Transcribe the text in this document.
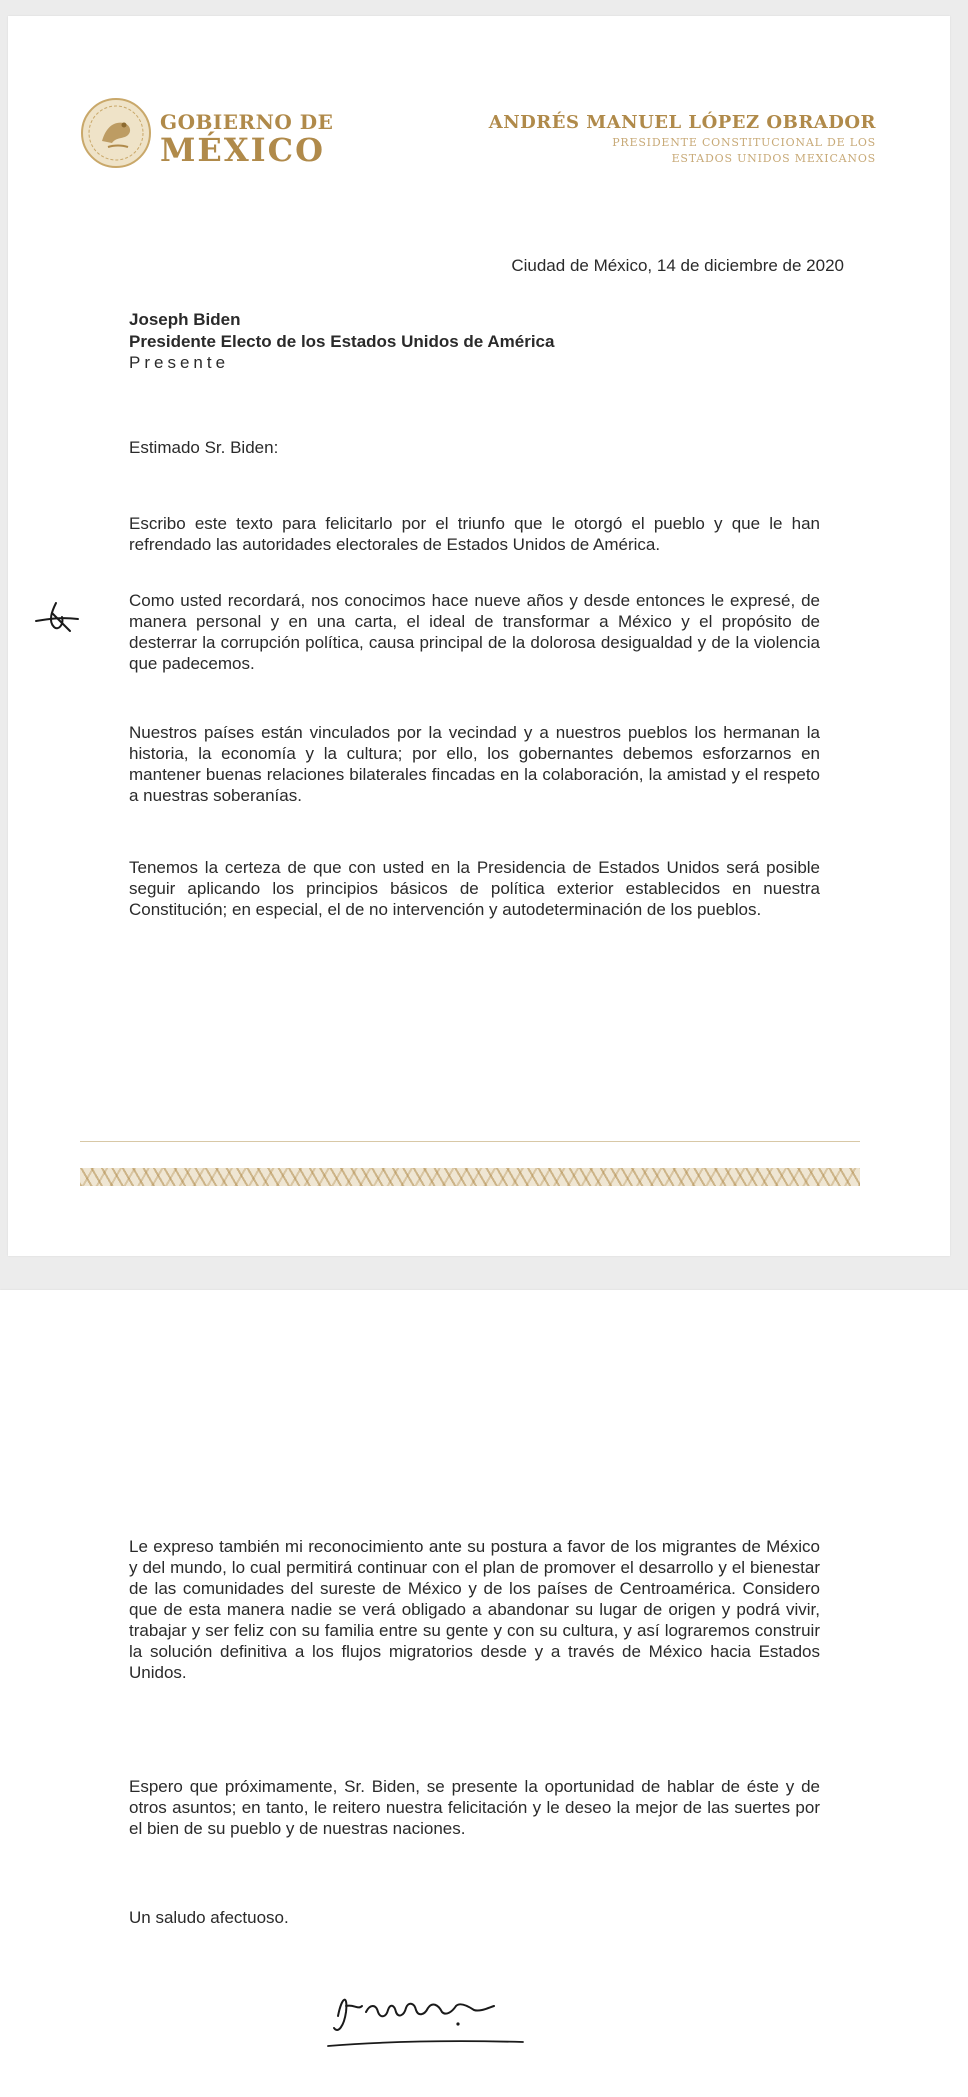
GOBIERNO DE
MÉXICO
ANDRÉS MANUEL LÓPEZ OBRADOR
PRESIDENTE CONSTITUCIONAL DE LOS
ESTADOS UNIDOS MEXICANOS
Ciudad de México, 14 de diciembre de 2020
Joseph Biden
Presidente Electo de los Estados Unidos de América
Presente
Estimado Sr. Biden:
Escribo este texto para felicitarlo por el triunfo que le otorgó el pueblo y que le han refrendado las autoridades electorales de Estados Unidos de América.
Como usted recordará, nos conocimos hace nueve años y desde entonces le expresé, de manera personal y en una carta, el ideal de transformar a México y el propósito de desterrar la corrupción política, causa principal de la dolorosa desigualdad y de la violencia que padecemos.
Nuestros países están vinculados por la vecindad y a nuestros pueblos los hermanan la historia, la economía y la cultura; por ello, los gobernantes debemos esforzarnos en mantener buenas relaciones bilaterales fincadas en la colaboración, la amistad y el respeto a nuestras soberanías.
Tenemos la certeza de que con usted en la Presidencia de Estados Unidos será posible seguir aplicando los principios básicos de política exterior establecidos en nuestra Constitución; en especial, el de no intervención y autodeterminación de los pueblos.
Le expreso también mi reconocimiento ante su postura a favor de los migrantes de México y del mundo, lo cual permitirá continuar con el plan de promover el desarrollo y el bienestar de las comunidades del sureste de México y de los países de Centroamérica. Considero que de esta manera nadie se verá obligado a abandonar su lugar de origen y podrá vivir, trabajar y ser feliz con su familia entre su gente y con su cultura, y así lograremos construir la solución definitiva a los flujos migratorios desde y a través de México hacia Estados Unidos.
Espero que próximamente, Sr. Biden, se presente la oportunidad de hablar de éste y de otros asuntos; en tanto, le reitero nuestra felicitación y le deseo la mejor de las suertes por el bien de su pueblo y de nuestras naciones.
Un saludo afectuoso.
